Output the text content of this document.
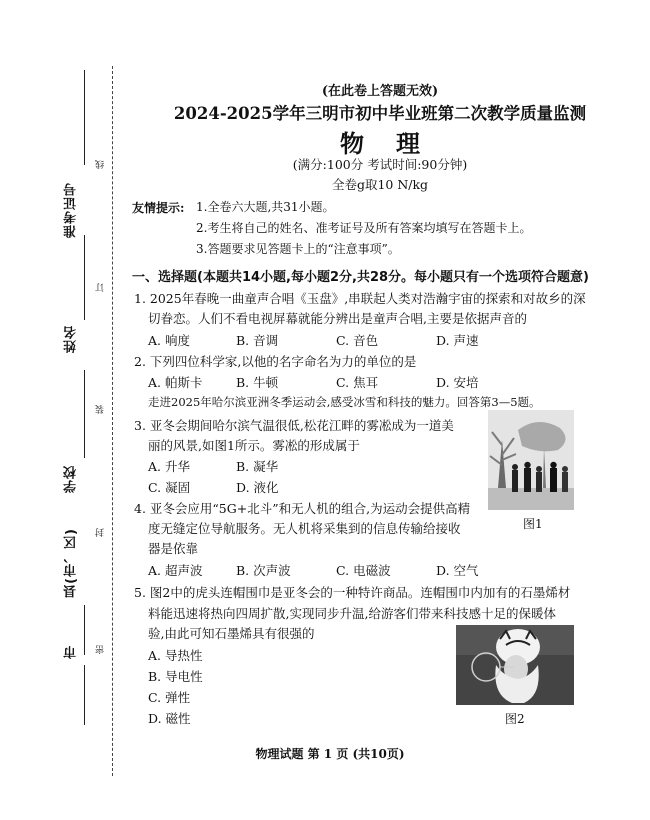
准考证号
姓名
学校
县(市、区)
市
线
订
装
封
密
(在此卷上答题无效)
2024-2025学年三明市初中毕业班第二次教学质量监测
物理
(满分:100分 考试时间:90分钟)
全卷g取10 N/kg
友情提示: 1.全卷六大题,共31小题。
2.考生将自己的姓名、准考证号及所有答案均填写在答题卡上。
3.答题要求见答题卡上的“注意事项”。
一、选择题(本题共14小题,每小题2分,共28分。每小题只有一个选项符合题意)
1. 2025年春晚一曲童声合唱《玉盘》,串联起人类对浩瀚宇宙的探索和对故乡的深
切眷恋。人们不看电视屏幕就能分辨出是童声合唱,主要是依据声音的
A. 响度	B. 音调	C. 音色	D. 声速
2. 下列四位科学家,以他的名字命名为力的单位的是
A. 帕斯卡	B. 牛顿	C. 焦耳	D. 安培
走进2025年哈尔滨亚洲冬季运动会,感受冰雪和科技的魅力。回答第3—5题。
3. 亚冬会期间哈尔滨气温很低,松花江畔的雾凇成为一道美
丽的风景,如图1所示。雾凇的形成属于
A. 升华	B. 凝华
C. 凝固	D. 液化
图1
4. 亚冬会应用“5G+北斗”和无人机的组合,为运动会提供高精
度无缝定位导航服务。无人机将采集到的信息传输给接收
器是依靠
A. 超声波	B. 次声波	C. 电磁波	D. 空气
5. 图2中的虎头连帽围巾是亚冬会的一种特许商品。连帽围巾内加有的石墨烯材
料能迅速将热向四周扩散,实现同步升温,给游客们带来科技感十足的保暖体
验,由此可知石墨烯具有很强的
A. 导热性
B. 导电性
C. 弹性
D. 磁性	图2
物理试题 第 1 页 (共10页)
